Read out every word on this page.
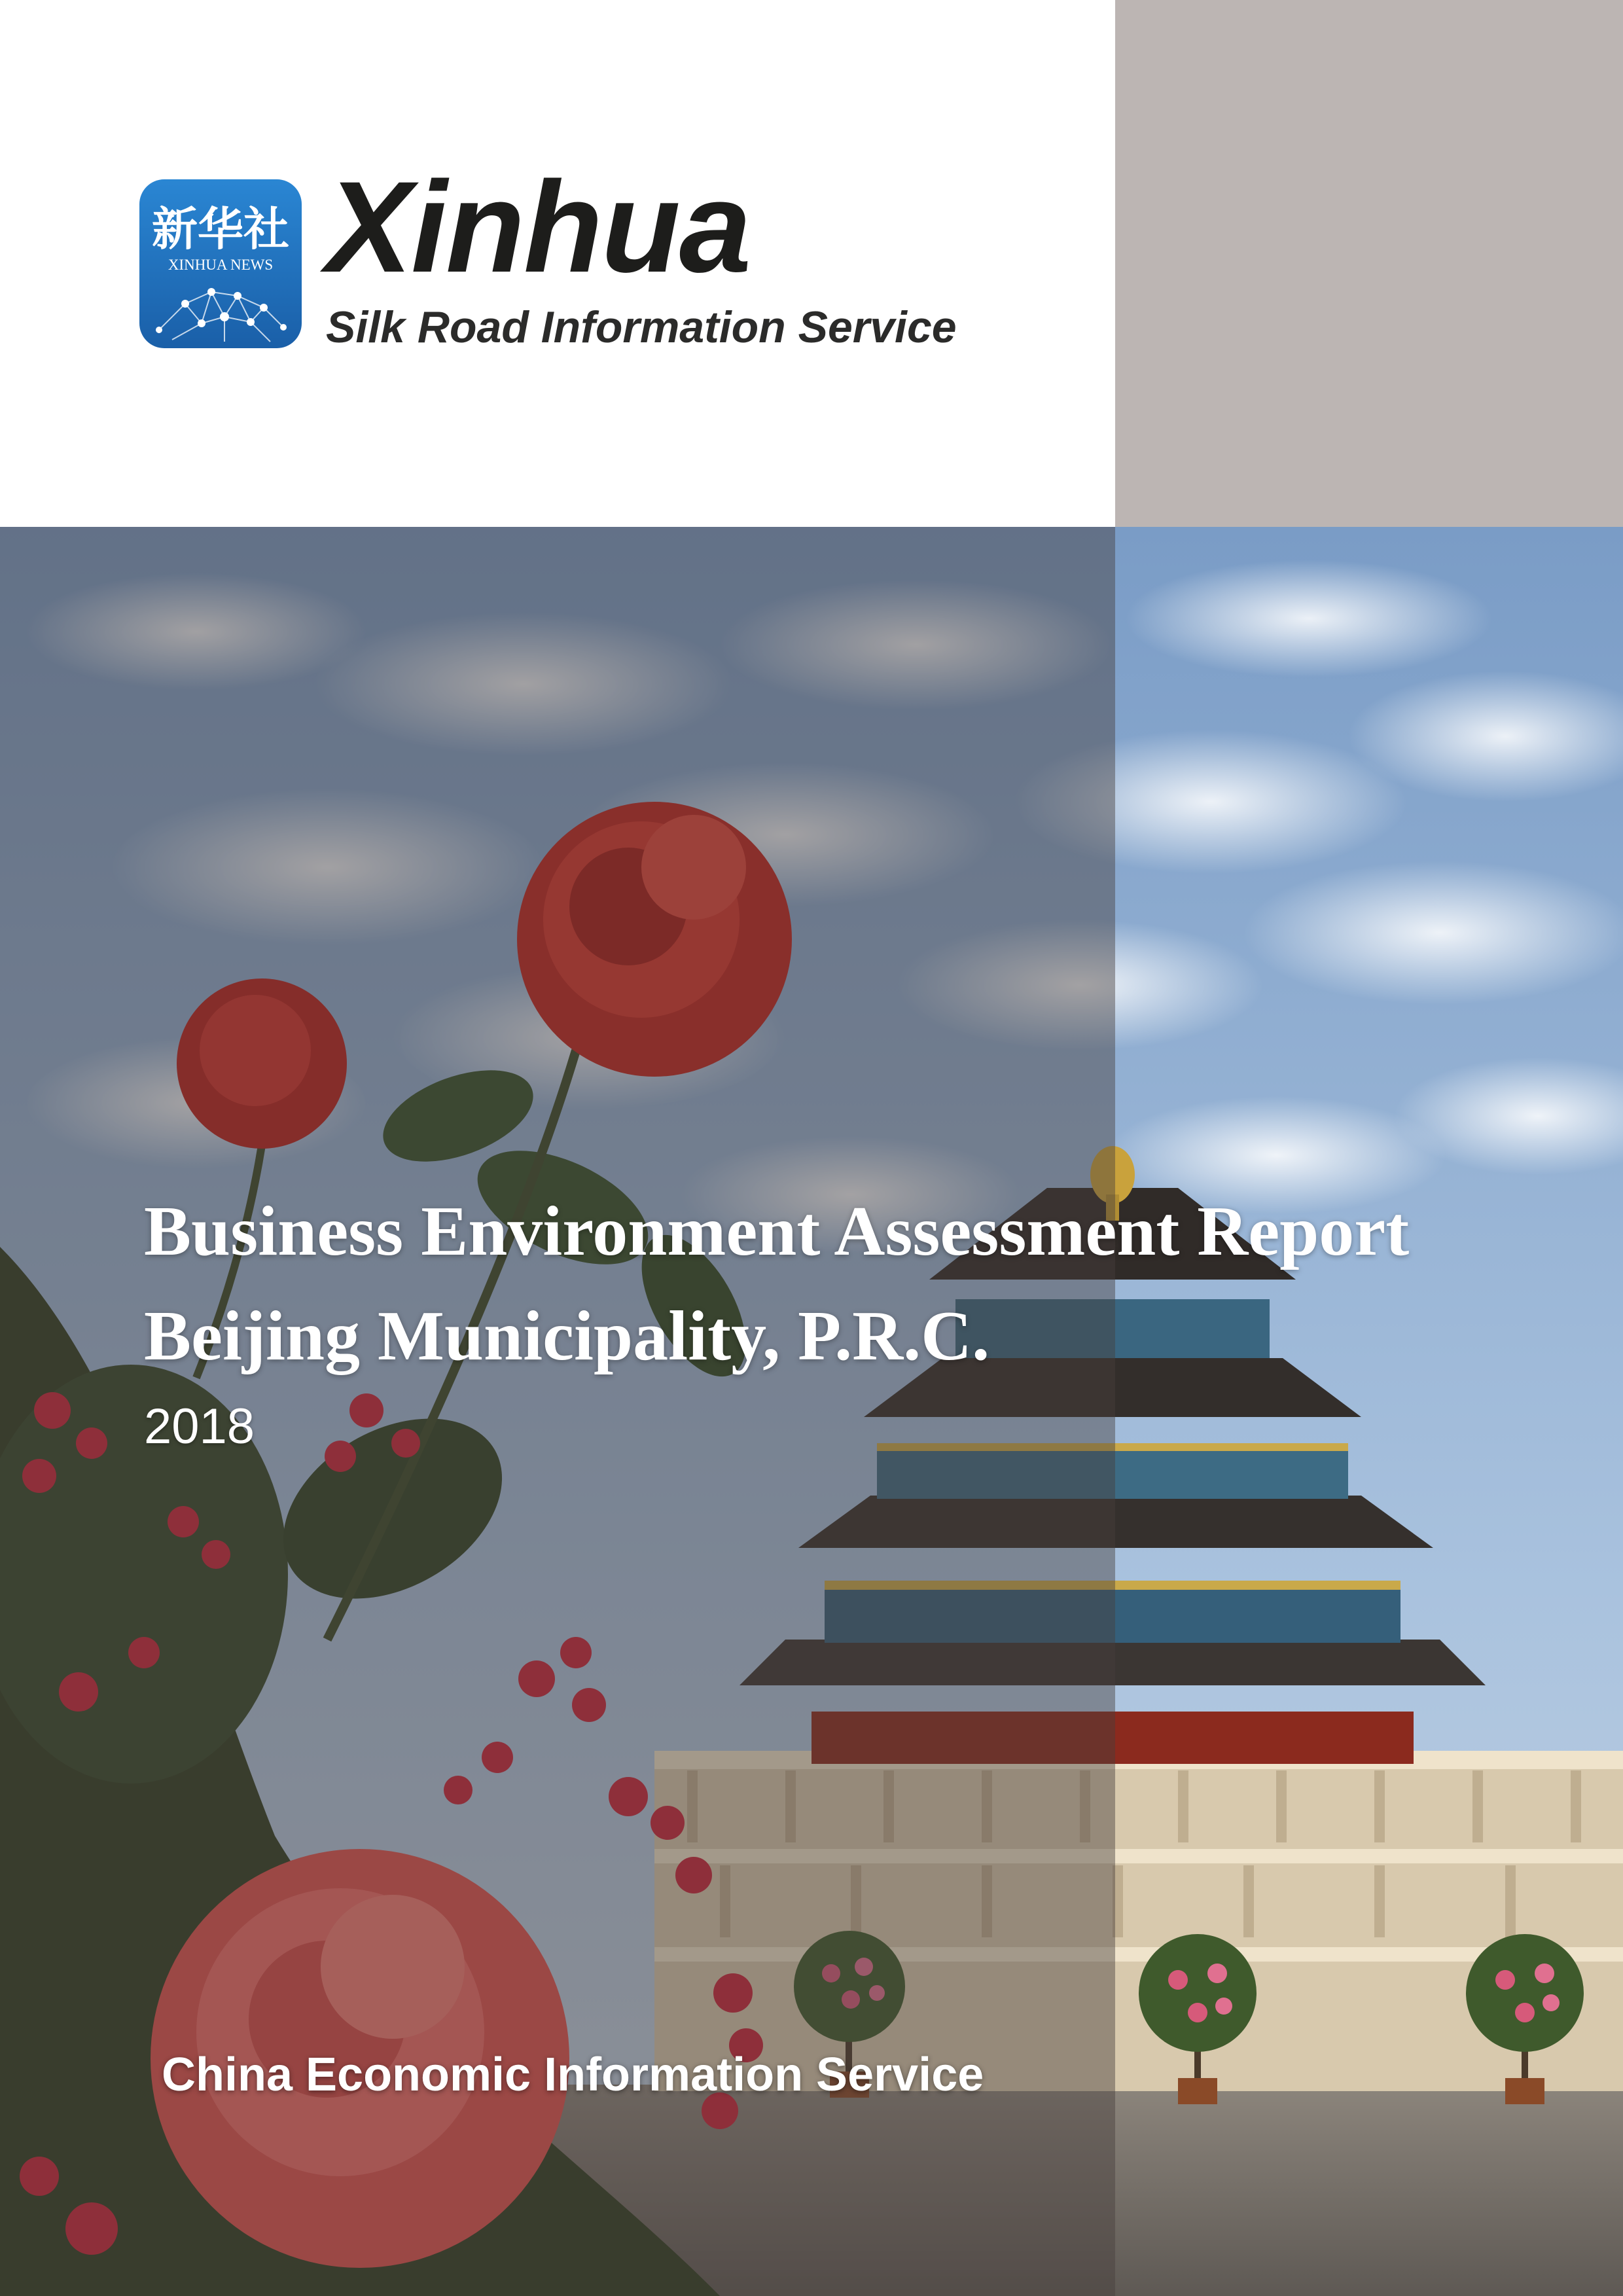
新华社
XINHUA NEWS Xinhua
Silk Road Information Service
Business Environment Assessment Report
Beijing Municipality, P.R.C.
2018
China Economic Information Service
